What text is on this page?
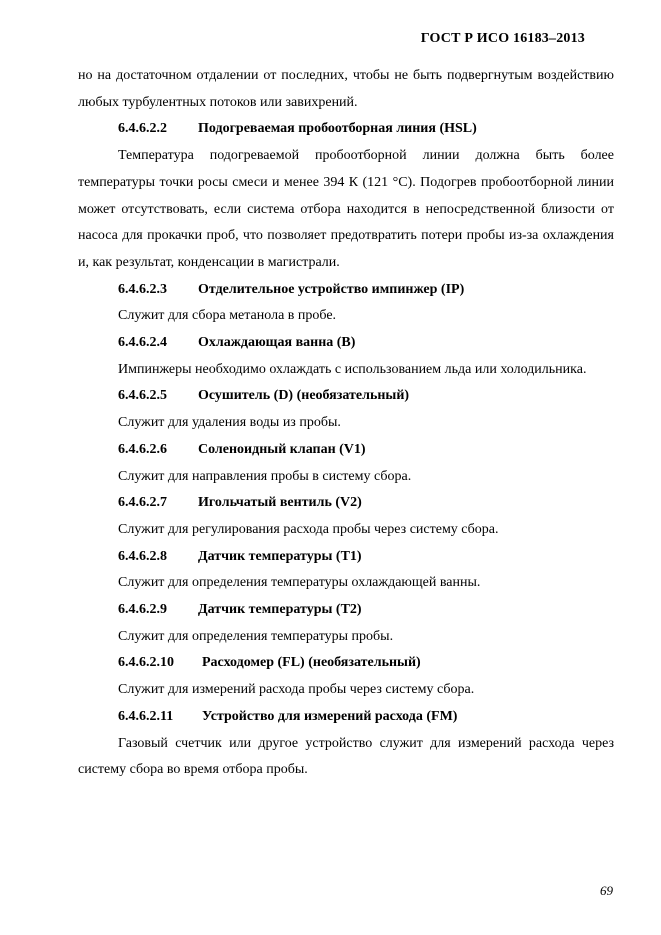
ГОСТ Р ИСО 16183–2013

но на достаточном отдалении от последних, чтобы не быть подвергнутым воздействию любых турбулентных потоков или завихрений.

6.4.6.2.2 Подогреваемая пробоотборная линия (HSL)

Температура подогреваемой пробоотборной линии должна быть более температуры точки росы смеси и менее 394 К (121 °С). Подогрев пробоотборной линии может отсутствовать, если система отбора находится в непосредственной близости от насоса для прокачки проб, что позволяет предотвратить потери пробы из-за охлаждения и, как результат, конденсации в магистрали.

6.4.6.2.3 Отделительное устройство импинжер (IP)

Служит для сбора метанола в пробе.

6.4.6.2.4 Охлаждающая ванна (B)

Импинжеры необходимо охлаждать с использованием льда или холодильника.

6.4.6.2.5 Осушитель (D) (необязательный)

Служит для удаления воды из пробы.

6.4.6.2.6 Соленоидный клапан (V1)

Служит для направления пробы в систему сбора.

6.4.6.2.7 Игольчатый вентиль (V2)

Служит для регулирования расхода пробы через систему сбора.

6.4.6.2.8 Датчик температуры (T1)

Служит для определения температуры охлаждающей ванны.

6.4.6.2.9 Датчик температуры (T2)

Служит для определения температуры пробы.

6.4.6.2.10 Расходомер (FL) (необязательный)

Служит для измерений расхода пробы через систему сбора.

6.4.6.2.11 Устройство для измерений расхода (FM)

Газовый счетчик или другое устройство служит для измерений расхода через систему сбора во время отбора пробы.

69
